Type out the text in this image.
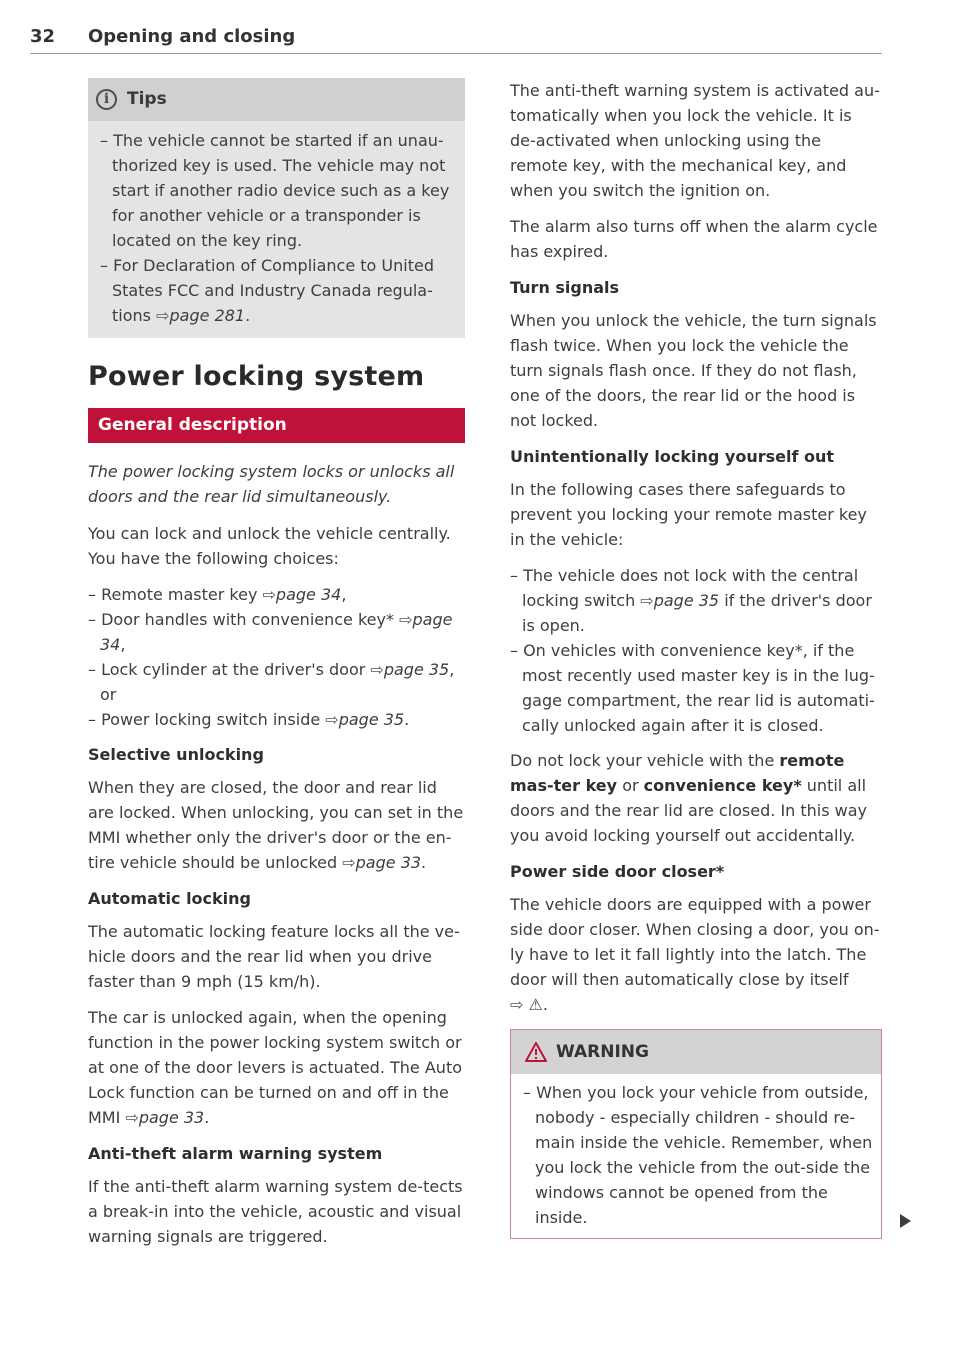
32 Opening and closing
i	Tips
– The vehicle cannot be started if an unau-thorized key is used. The vehicle may not start if another radio device such as a key for another vehicle or a transponder is located on the key ring.
– For Declaration of Compliance to United States FCC and Industry Canada regula-tions ⇨page 281.
Power locking system
General description

The power locking system locks or unlocks all doors and the rear lid simultaneously.

You can lock and unlock the vehicle centrally. You have the following choices:

– Remote master key ⇨page 34,
– Door handles with convenience key* ⇨page 34,
– Lock cylinder at the driver's door ⇨page 35, or
– Power locking switch inside ⇨page 35.
Selective unlocking

When they are closed, the door and rear lid are locked. When unlocking, you can set in the MMI whether only the driver's door or the en-tire vehicle should be unlocked ⇨page 33.

Automatic locking

The automatic locking feature locks all the ve-hicle doors and the rear lid when you drive faster than 9 mph (15 km/h).

The car is unlocked again, when the opening function in the power locking system switch or at one of the door levers is actuated. The Auto Lock function can be turned on and off in the MMI ⇨page 33.

Anti-theft alarm warning system

If the anti-theft alarm warning system de-tects a break-in into the vehicle, acoustic and visual warning signals are triggered.

The anti-theft warning system is activated au-tomatically when you lock the vehicle. It is de-activated when unlocking using the remote key, with the mechanical key, and when you switch the ignition on.

The alarm also turns off when the alarm cycle has expired.

Turn signals

When you unlock the vehicle, the turn signals flash twice. When you lock the vehicle the turn signals flash once. If they do not flash, one of the doors, the rear lid or the hood is not locked.

Unintentionally locking yourself out

In the following cases there safeguards to prevent you locking your remote master key in the vehicle:

– The vehicle does not lock with the central locking switch ⇨page 35 if the driver's door is open.
– On vehicles with convenience key*, if the most recently used master key is in the lug-gage compartment, the rear lid is automati-cally unlocked again after it is closed.

Do not lock your vehicle with the remote mas-ter key or convenience key* until all doors and the rear lid are closed. In this way you avoid locking yourself out accidentally.

Power side door closer*

The vehicle doors are equipped with a power side door closer. When closing a door, you on-ly have to let it fall lightly into the latch. The door will then automatically close by itself
⇨ ⚠.

WARNING
– When you lock your vehicle from outside, nobody - especially children - should re-main inside the vehicle. Remember, when you lock the vehicle from the out-side the windows cannot be opened from the inside.
